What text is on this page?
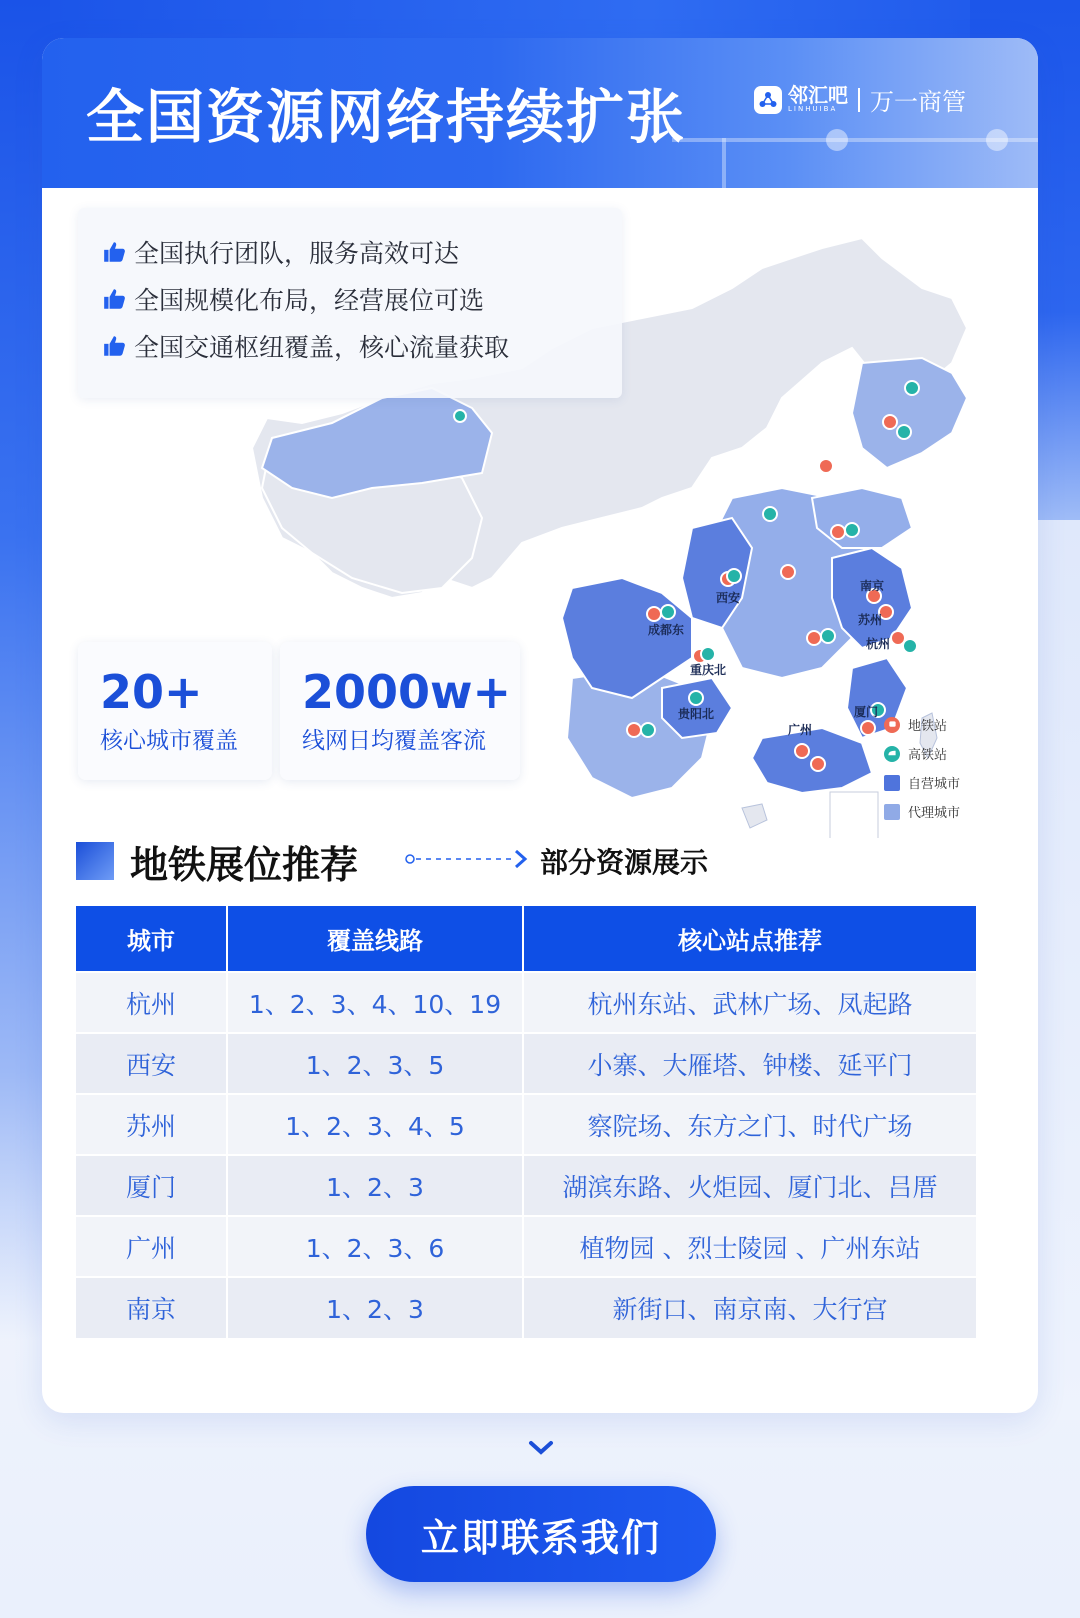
全国资源网络持续扩张	邻汇吧
LINHUIBA	万一商管
西安
成都东
重庆北
贵阳北
广州
厦门
杭州
苏州
南京
全国执行团队，服务高效可达
全国规模化布局，经营展位可选
全国交通枢纽覆盖，核心流量获取
20+
核心城市覆盖
2000w+
线网日均覆盖客流
地铁站
高铁站
自营城市
代理城市
地铁展位推荐	部分资源展示
城市	覆盖线路	核心站点推荐
杭州	1、2、3、4、10、19	杭州东站、武林广场、凤起路
西安	1、2、3、5	小寨、大雁塔、钟楼、延平门
苏州	1、2、3、4、5	察院场、东方之门、时代广场
厦门	1、2、3	湖滨东路、火炬园、厦门北、吕厝
广州	1、2、3、6	植物园 、烈士陵园 、广州东站
南京	1、2、3	新街口、南京南、大行宫
立即联系我们
